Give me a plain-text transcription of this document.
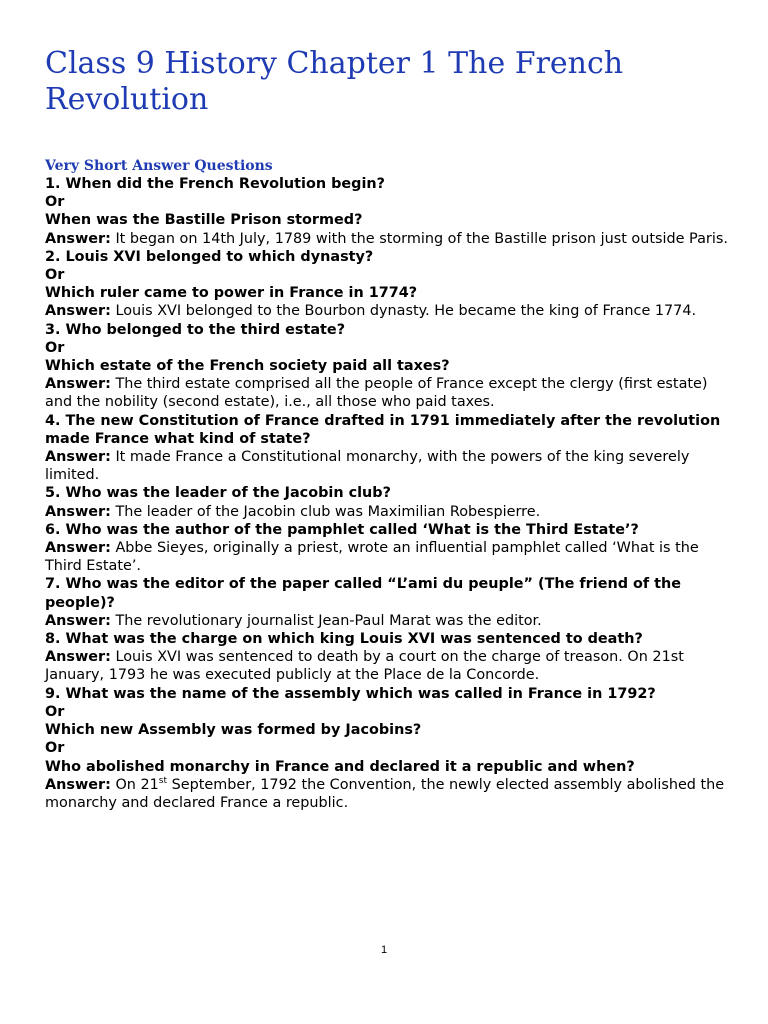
Class 9 History Chapter 1 The French Revolution
Very Short Answer Questions
1. When did the French Revolution begin?
Or
When was the Bastille Prison stormed?
Answer: It began on 14th July, 1789 with the storming of the Bastille prison just outside Paris.
2. Louis XVI belonged to which dynasty?
Or
Which ruler came to power in France in 1774?
Answer: Louis XVI belonged to the Bourbon dynasty. He became the king of France 1774.
3. Who belonged to the third estate?
Or
Which estate of the French society paid all taxes?
Answer: The third estate comprised all the people of France except the clergy (first estate) and the nobility (second estate), i.e., all those who paid taxes.
4. The new Constitution of France drafted in 1791 immediately after the revolution made France what kind of state?
Answer: It made France a Constitutional monarchy, with the powers of the king severely limited.
5. Who was the leader of the Jacobin club?
Answer: The leader of the Jacobin club was Maximilian Robespierre.
6. Who was the author of the pamphlet called ‘What is the Third Estate’?
Answer: Abbe Sieyes, originally a priest, wrote an influential pamphlet called ‘What is the Third Estate’.
7. Who was the editor of the paper called “L’ami du peuple” (The friend of the people)?
Answer: The revolutionary journalist Jean-Paul Marat was the editor.
8. What was the charge on which king Louis XVI was sentenced to death?
Answer: Louis XVI was sentenced to death by a court on the charge of treason. On 21st January, 1793 he was executed publicly at the Place de la Concorde.
9. What was the name of the assembly which was called in France in 1792?
Or
Which new Assembly was formed by Jacobins?
Or
Who abolished monarchy in France and declared it a republic and when?
Answer: On 21st September, 1792 the Convention, the newly elected assembly abolished the monarchy and declared France a republic.
1
